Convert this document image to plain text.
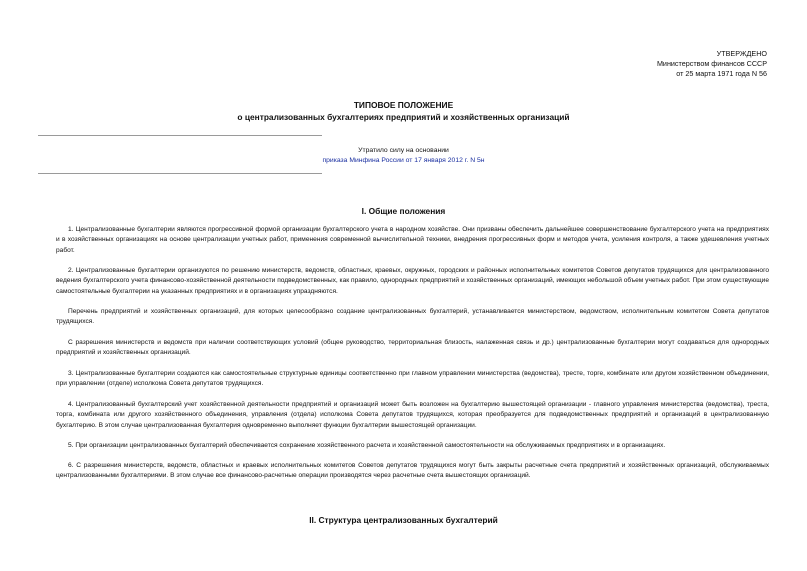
УТВЕРЖДЕНО
Министерством финансов СССР
от 25 марта 1971 года N 56
ТИПОВОЕ ПОЛОЖЕНИЕ
о централизованных бухгалтериях предприятий и хозяйственных организаций
Утратило силу на основании
приказа Минфина России от 17 января 2012 г. N 5н
I. Общие положения

1. Централизованные бухгалтерии являются прогрессивной формой организации бухгалтерского учета в народном хозяйстве. Они призваны обеспечить дальнейшее совершенствование бухгалтерского учета на предприятиях и в хозяйственных организациях на основе централизации учетных работ, применения современной вычислительной техники, внедрения прогрессивных форм и методов учета, усиления контроля, а также удешевления учетных работ.

2. Централизованные бухгалтерии организуются по решению министерств, ведомств, областных, краевых, окружных, городских и районных исполнительных комитетов Советов депутатов трудящихся для централизованного ведения бухгалтерского учета финансово-хозяйственной деятельности подведомственных, как правило, однородных предприятий и хозяйственных организаций, имеющих небольшой объем учетных работ. При этом существующие самостоятельные бухгалтерии на указанных предприятиях и в организациях упраздняются.

Перечень предприятий и хозяйственных организаций, для которых целесообразно создание централизованных бухгалтерий, устанавливается министерством, ведомством, исполнительным комитетом Совета депутатов трудящихся.

С разрешения министерств и ведомств при наличии соответствующих условий (общее руководство, территориальная близость, налаженная связь и др.) централизованные бухгалтерии могут создаваться для однородных предприятий и хозяйственных организаций.

3. Централизованные бухгалтерии создаются как самостоятельные структурные единицы соответственно при главном управлении министерства (ведомства), тресте, торге, комбинате или другом хозяйственном объединении, при управлении (отделе) исполкома Совета депутатов трудящихся.

4. Централизованный бухгалтерский учет хозяйственной деятельности предприятий и организаций может быть возложен на бухгалтерию вышестоящей организации - главного управления министерства (ведомства), треста, торга, комбината или другого хозяйственного объединения, управления (отдела) исполкома Совета депутатов трудящихся, которая преобразуется для подведомственных предприятий и организаций в централизованную бухгалтерию. В этом случае централизованная бухгалтерия одновременно выполняет функции бухгалтерии вышестоящей организации.

5. При организации централизованных бухгалтерий обеспечивается сохранение хозяйственного расчета и хозяйственной самостоятельности на обслуживаемых предприятиях и в организациях.

6. С разрешения министерств, ведомств, областных и краевых исполнительных комитетов Советов депутатов трудящихся могут быть закрыты расчетные счета предприятий и хозяйственных организаций, обслуживаемых централизованными бухгалтериями. В этом случае все финансово-расчетные операции производятся через расчетные счета вышестоящих организаций.

II. Структура централизованных бухгалтерий
